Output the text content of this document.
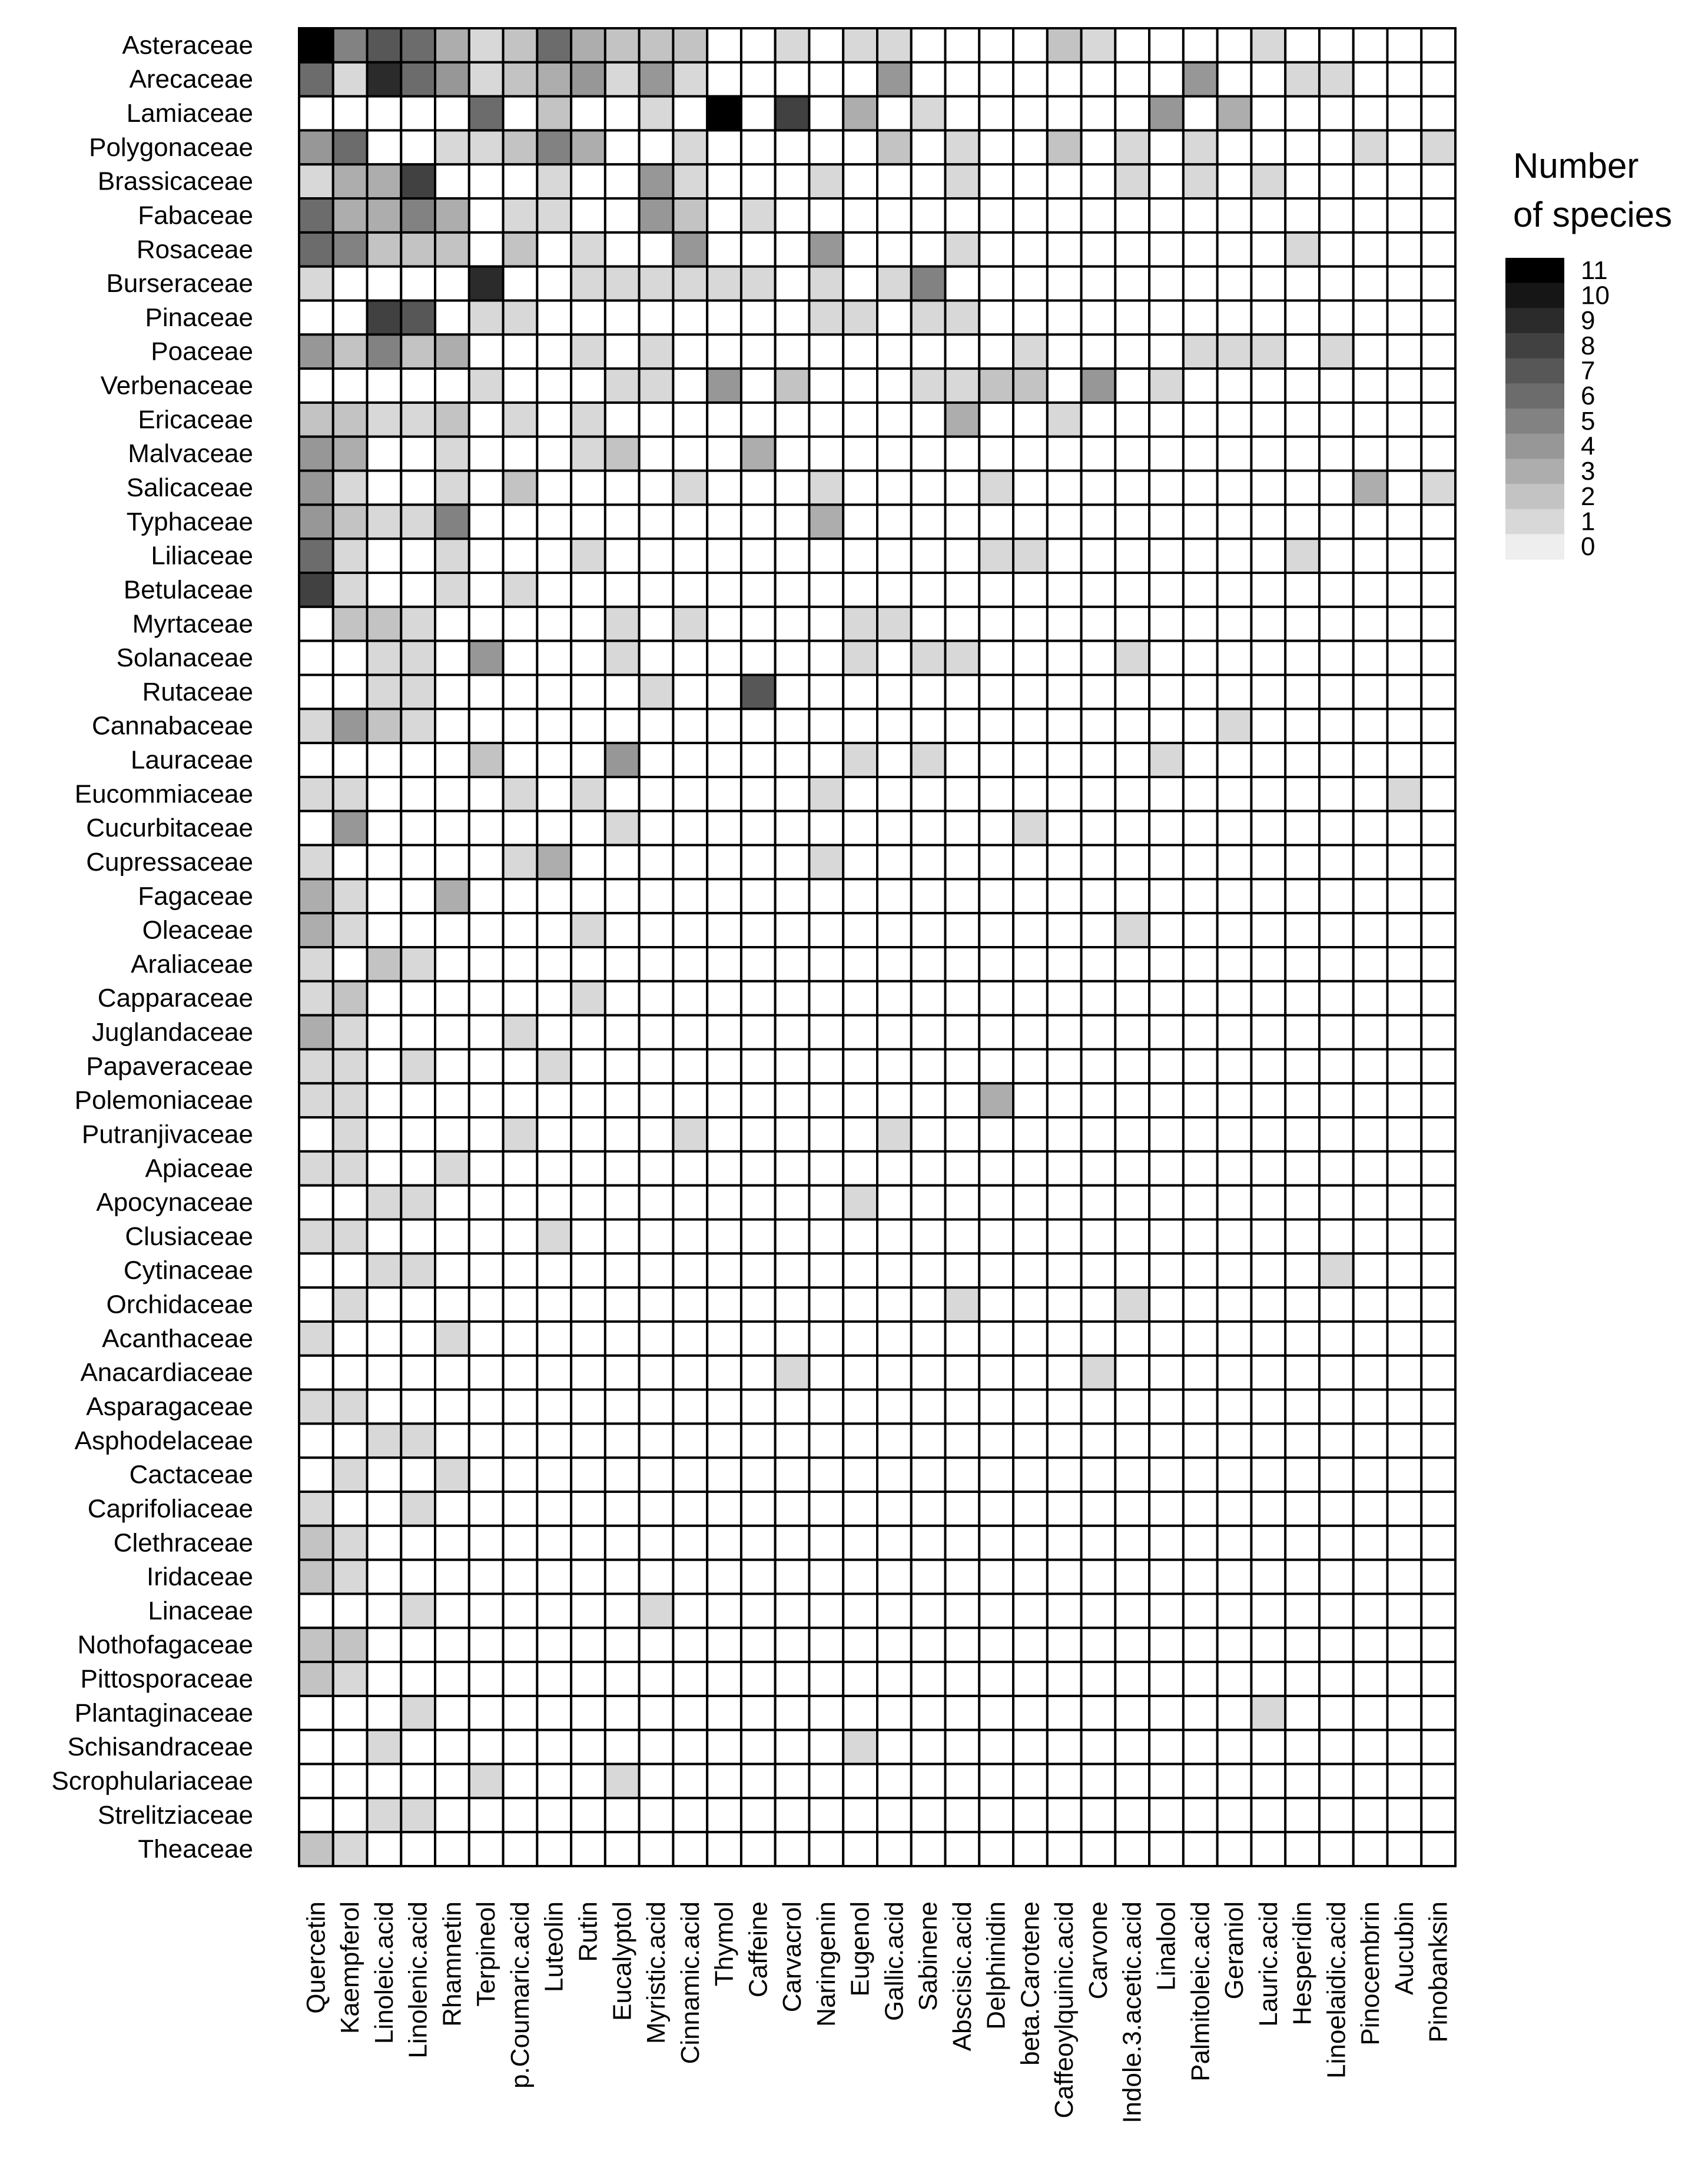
Asteraceae
Arecaceae
Lamiaceae
Polygonaceae
Brassicaceae
Fabaceae
Rosaceae
Burseraceae
Pinaceae
Poaceae
Verbenaceae
Ericaceae
Malvaceae
Salicaceae
Typhaceae
Liliaceae
Betulaceae
Myrtaceae
Solanaceae
Rutaceae
Cannabaceae
Lauraceae
Eucommiaceae
Cucurbitaceae
Cupressaceae
Fagaceae
Oleaceae
Araliaceae
Capparaceae
Juglandaceae
Papaveraceae
Polemoniaceae
Putranjivaceae
Apiaceae
Apocynaceae
Clusiaceae
Cytinaceae
Orchidaceae
Acanthaceae
Anacardiaceae
Asparagaceae
Asphodelaceae
Cactaceae
Caprifoliaceae
Clethraceae
Iridaceae
Linaceae
Nothofagaceae
Pittosporaceae
Plantaginaceae
Schisandraceae
Scrophulariaceae
Strelitziaceae
Theaceae
Quercetin Kaempferol Linoleic.acid Linolenic.acid Rhamnetin Terpineol p.Coumaric.acid Luteolin Rutin Eucalyptol Myristic.acid Cinnamic.acid Thymol Caffeine Carvacrol Naringenin Eugenol Gallic.acid Sabinene Abscisic.acid Delphinidin beta.Carotene Caffeoylquinic.acid Carvone Indole.3.acetic.acid Linalool Palmitoleic.acid Geraniol Lauric.acid Hesperidin Linoelaidic.acid Pinocembrin Aucubin Pinobanksin
Number
of species
11
10
9
8
7
6
5
4
3
2
1
0
